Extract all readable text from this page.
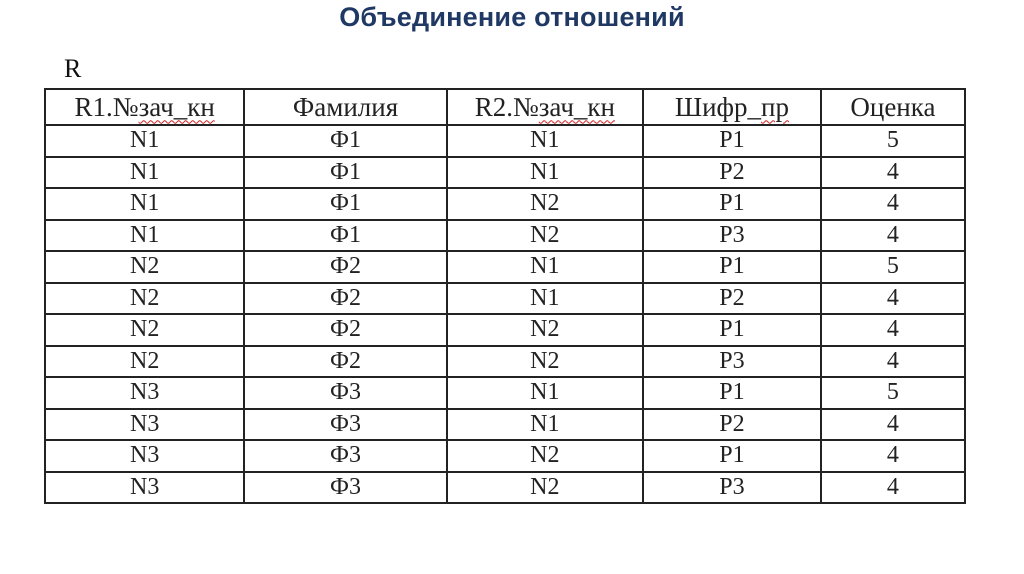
Объединение отношений
R
R1.№зач_кн	Фамилия	R2.№зач_кн	Шифр_пр	Оценка
N1	Ф1	N1	P1	5
N1	Ф1	N1	P2	4
N1	Ф1	N2	P1	4
N1	Ф1	N2	P3	4
N2	Ф2	N1	P1	5
N2	Ф2	N1	P2	4
N2	Ф2	N2	P1	4
N2	Ф2	N2	P3	4
N3	Ф3	N1	P1	5
N3	Ф3	N1	P2	4
N3	Ф3	N2	P1	4
N3	Ф3	N2	P3	4
